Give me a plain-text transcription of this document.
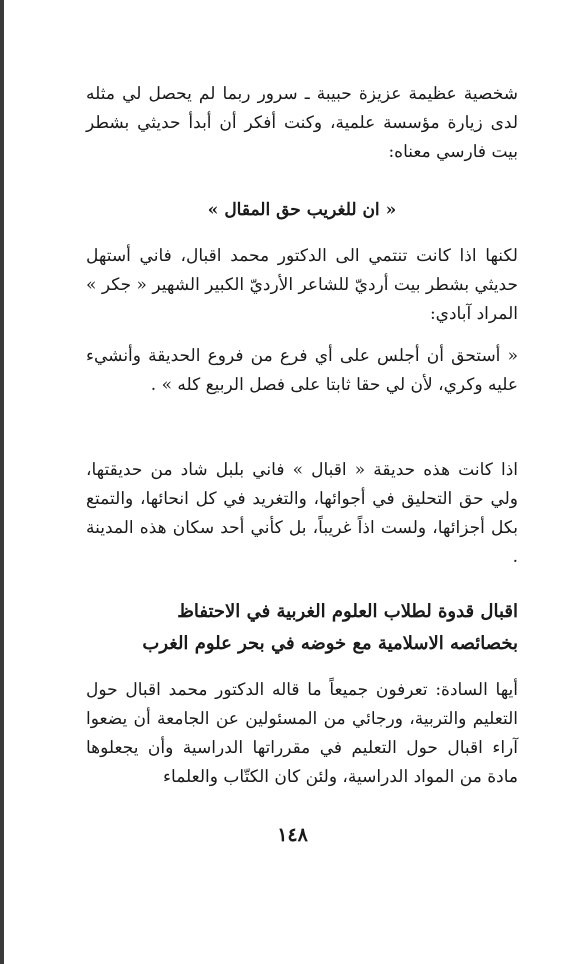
شخصية عظيمة عزيزة حبيبة ـ سرور ربما لم يحصل لي مثله لدى زيارة مؤسسة علمية، وكنت أفكر أن أبدأ حديثي بشطر بيت فارسي معناه:

« ان للغريب حق المقال »

لكنها اذا كانت تنتمي الى الدكتور محمد اقبال، فاني أستهل حديثي بشطر بيت أرديّ للشاعر الأرديّ الكبير الشهير « جكر » المراد آبادي:

« أستحق أن أجلس على أي فرع من فروع الحديقة وأنشيء عليه وكري، لأن لي حقا ثابتا على فصل الربيع كله » .

اذا كانت هذه حديقة « اقبال » فاني بلبل شاد من حديقتها، ولي حق التحليق في أجوائها، والتغريد في كل انحائها، والتمتع بكل أجزائها، ولست اذاً غريباً، بل كأني أحد سكان هذه المدينة .

اقبال قدوة لطلاب العلوم الغربية في الاحتفاظ
بخصائصه الاسلامية مع خوضه في بحر علوم الغرب

أيها السادة: تعرفون جميعاً ما قاله الدكتور محمد اقبال حول التعليم والتربية، ورجائي من المسئولين عن الجامعة أن يضعوا آراء اقبال حول التعليم في مقرراتها الدراسية وأن يجعلوها مادة من المواد الدراسية، ولئن كان الكتّاب والعلماء

١٤٨
